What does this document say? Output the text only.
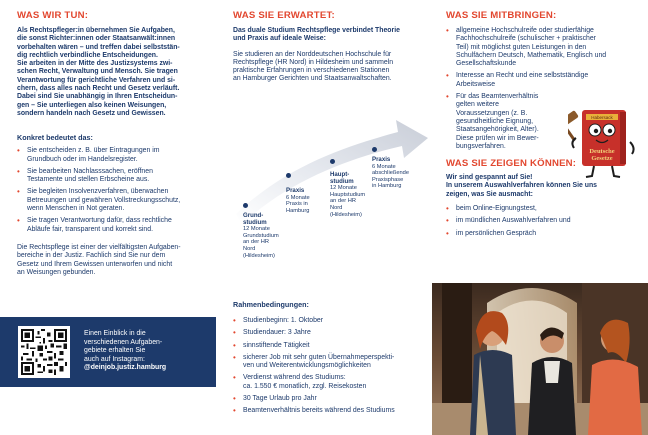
WAS WIR TUN:
Als Rechtspfleger:in übernehmen Sie Aufgaben,
die sonst Richter:innen oder Staatsanwält:innen
vorbehalten wären – und treffen dabei selbststän-
dig rechtlich verbindliche Entscheidungen.
Sie arbeiten in der Mitte des Justizsystems zwi-
schen Recht, Verwaltung und Mensch. Sie tragen
Verantwortung für gerichtliche Verfahren und si-
chern, dass alles nach Recht und Gesetz verläuft.
Dabei sind Sie unabhängig in Ihren Entscheidun-
gen – Sie unterliegen also keinen Weisungen,
sondern handeln nach Gesetz und Gewissen.
Konkret bedeutet das:
• Sie entscheiden z. B. über Eintragungen im
Grundbuch oder im Handelsregister.
• Sie bearbeiten Nachlasssachen, eröffnen
Testamente und stellen Erbscheine aus.
• Sie begleiten Insolvenzverfahren, überwachen
Betreuungen und gewähren Vollstreckungsschutz,
wenn Menschen in Not geraten.
• Sie tragen Verantwortung dafür, dass rechtliche
Abläufe fair, transparent und korrekt sind.
Die Rechtspflege ist einer der vielfältigsten Aufgaben-
bereiche in der Justiz. Fachlich sind Sie nur dem
Gesetz und Ihrem Gewissen unterworfen und nicht
an Weisungen gebunden.
Einen Einblick in die
verschiedenen Aufgaben-
gebiete erhalten Sie
auch auf Instagram:
@deinjob.justiz.hamburg
WAS SIE ERWARTET:
Das duale Studium Rechtspflege verbindet Theorie
und Praxis auf ideale Weise:
Sie studieren an der Norddeutschen Hochschule für
Rechtspflege (HR Nord) in Hildesheim und sammeln
praktische Erfahrungen in verschiedenen Stationen
an Hamburger Gerichten und Staatsanwaltschaften.
Grund-
studium

12 Monate
Grundstudium
an der HR
Nord
(Hildesheim)
Praxis

6 Monate
Praxis in
Hamburg
Haupt-
studium

12 Monate
Hauptstudium
an der HR
Nord
(Hildesheim)
Praxis

6 Monate
abschließende
Praxisphase
in Hamburg
Rahmenbedingungen:
• Studienbeginn: 1. Oktober
• Studiendauer: 3 Jahre
• sinnstiftende Tätigkeit
• sicherer Job mit sehr guten Übernahmeperspekti-
ven und Weiterentwicklungsmöglichkeiten
• Verdienst während des Studiums:
ca. 1.550 € monatlich, zzgl. Reisekosten
• 30 Tage Urlaub pro Jahr
• Beamtenverhältnis bereits während des Studiums
WAS SIE MITBRINGEN:
• allgemeine Hochschulreife oder studierfähige
Fachhochschulreife (schulischer + praktischer
Teil) mit möglichst guten Leistungen in den
Schulfächern Deutsch, Mathematik, Englisch und
Gesellschaftskunde
• Interesse an Recht und eine selbstständige
Arbeitsweise
• Für das Beamtenverhältnis
gelten weitere
Voraussetzungen (z. B.
gesundheitliche Eignung,
Staatsangehörigkeit, Alter).
Diese prüfen wir im Bewer-
bungsverfahren.
WAS SIE ZEIGEN KÖNNEN:
Wir sind gespannt auf Sie!
In unserem Auswahlverfahren können Sie uns
zeigen, was Sie ausmacht:
• beim Online-Eignungstest,
• im mündlichen Auswahlverfahren und
• im persönlichen Gespräch
Habersack
Deutsche
Gesetze
